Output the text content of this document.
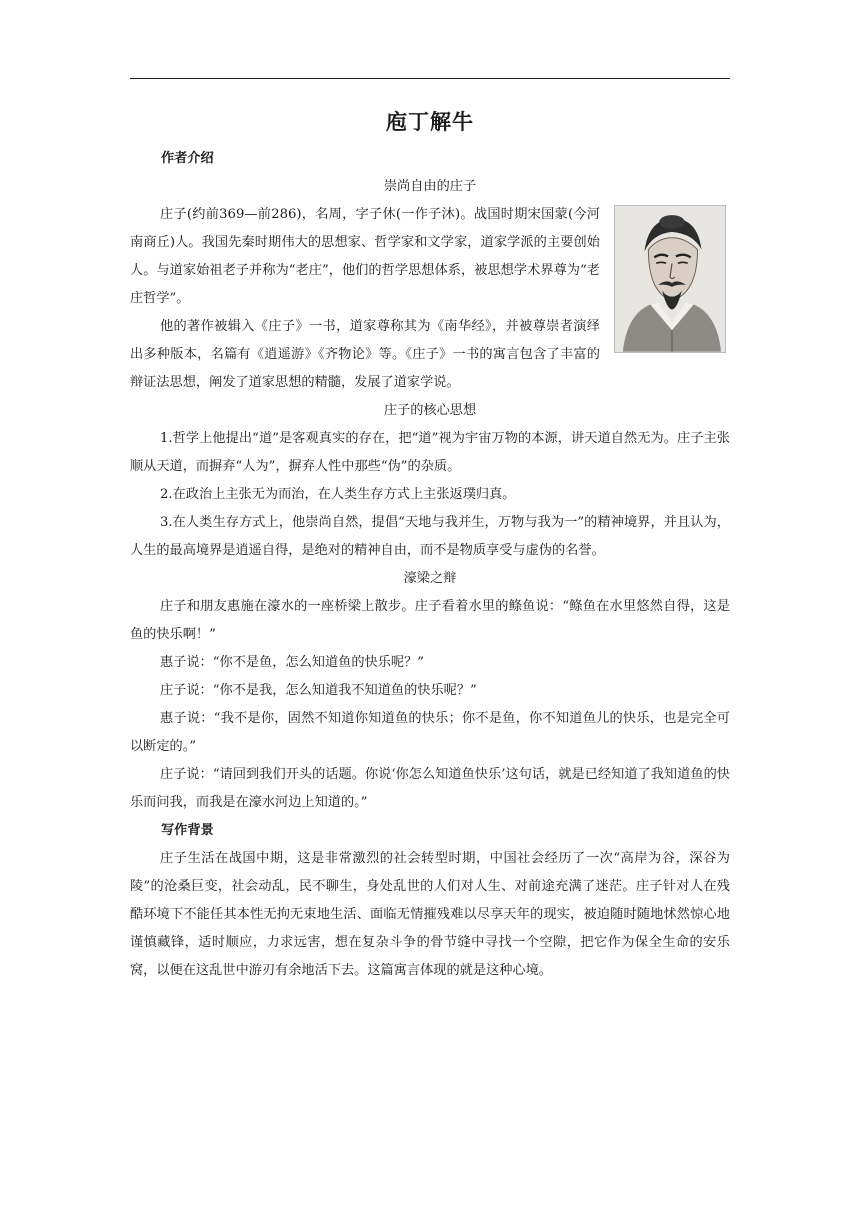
庖丁解牛
作者介绍
崇尚自由的庄子

庄子(约前369—前286)，名周，字子休(一作子沐)。战国时期宋国蒙(今河南商丘)人。我国先秦时期伟大的思想家、哲学家和文学家，道家学派的主要创始人。与道家始祖老子并称为“老庄”，他们的哲学思想体系，被思想学术界尊为“老庄哲学”。

他的著作被辑入《庄子》一书，道家尊称其为《南华经》，并被尊崇者演绎出多种版本，名篇有《逍遥游》《齐物论》等。《庄子》一书的寓言包含了丰富的辩证法思想，阐发了道家思想的精髓，发展了道家学说。

庄子的核心思想

1.哲学上他提出“道”是客观真实的存在，把“道”视为宇宙万物的本源，讲天道自然无为。庄子主张顺从天道，而摒弃“人为”，摒弃人性中那些“伪”的杂质。

2.在政治上主张无为而治，在人类生存方式上主张返璞归真。

3.在人类生存方式上，他崇尚自然，提倡“天地与我并生，万物与我为一”的精神境界，并且认为，人生的最高境界是逍遥自得，是绝对的精神自由，而不是物质享受与虚伪的名誉。

濠梁之辩

庄子和朋友惠施在濠水的一座桥梁上散步。庄子看着水里的鲦鱼说：“鲦鱼在水里悠然自得，这是鱼的快乐啊！”

惠子说：“你不是鱼，怎么知道鱼的快乐呢？”

庄子说：“你不是我，怎么知道我不知道鱼的快乐呢？”

惠子说：“我不是你，固然不知道你知道鱼的快乐；你不是鱼，你不知道鱼儿的快乐，也是完全可以断定的。”

庄子说：“请回到我们开头的话题。你说‘你怎么知道鱼快乐’这句话，就是已经知道了我知道鱼的快乐而问我，而我是在濠水河边上知道的。”

写作背景

庄子生活在战国中期，这是非常激烈的社会转型时期，中国社会经历了一次“高岸为谷，深谷为陵”的沧桑巨变，社会动乱，民不聊生，身处乱世的人们对人生、对前途充满了迷茫。庄子针对人在残酷环境下不能任其本性无拘无束地生活、面临无情摧残难以尽享天年的现实，被迫随时随地怵然惊心地谨慎藏锋，适时顺应，力求远害，想在复杂斗争的骨节缝中寻找一个空隙，把它作为保全生命的安乐窝，以便在这乱世中游刃有余地活下去。这篇寓言体现的就是这种心境。
